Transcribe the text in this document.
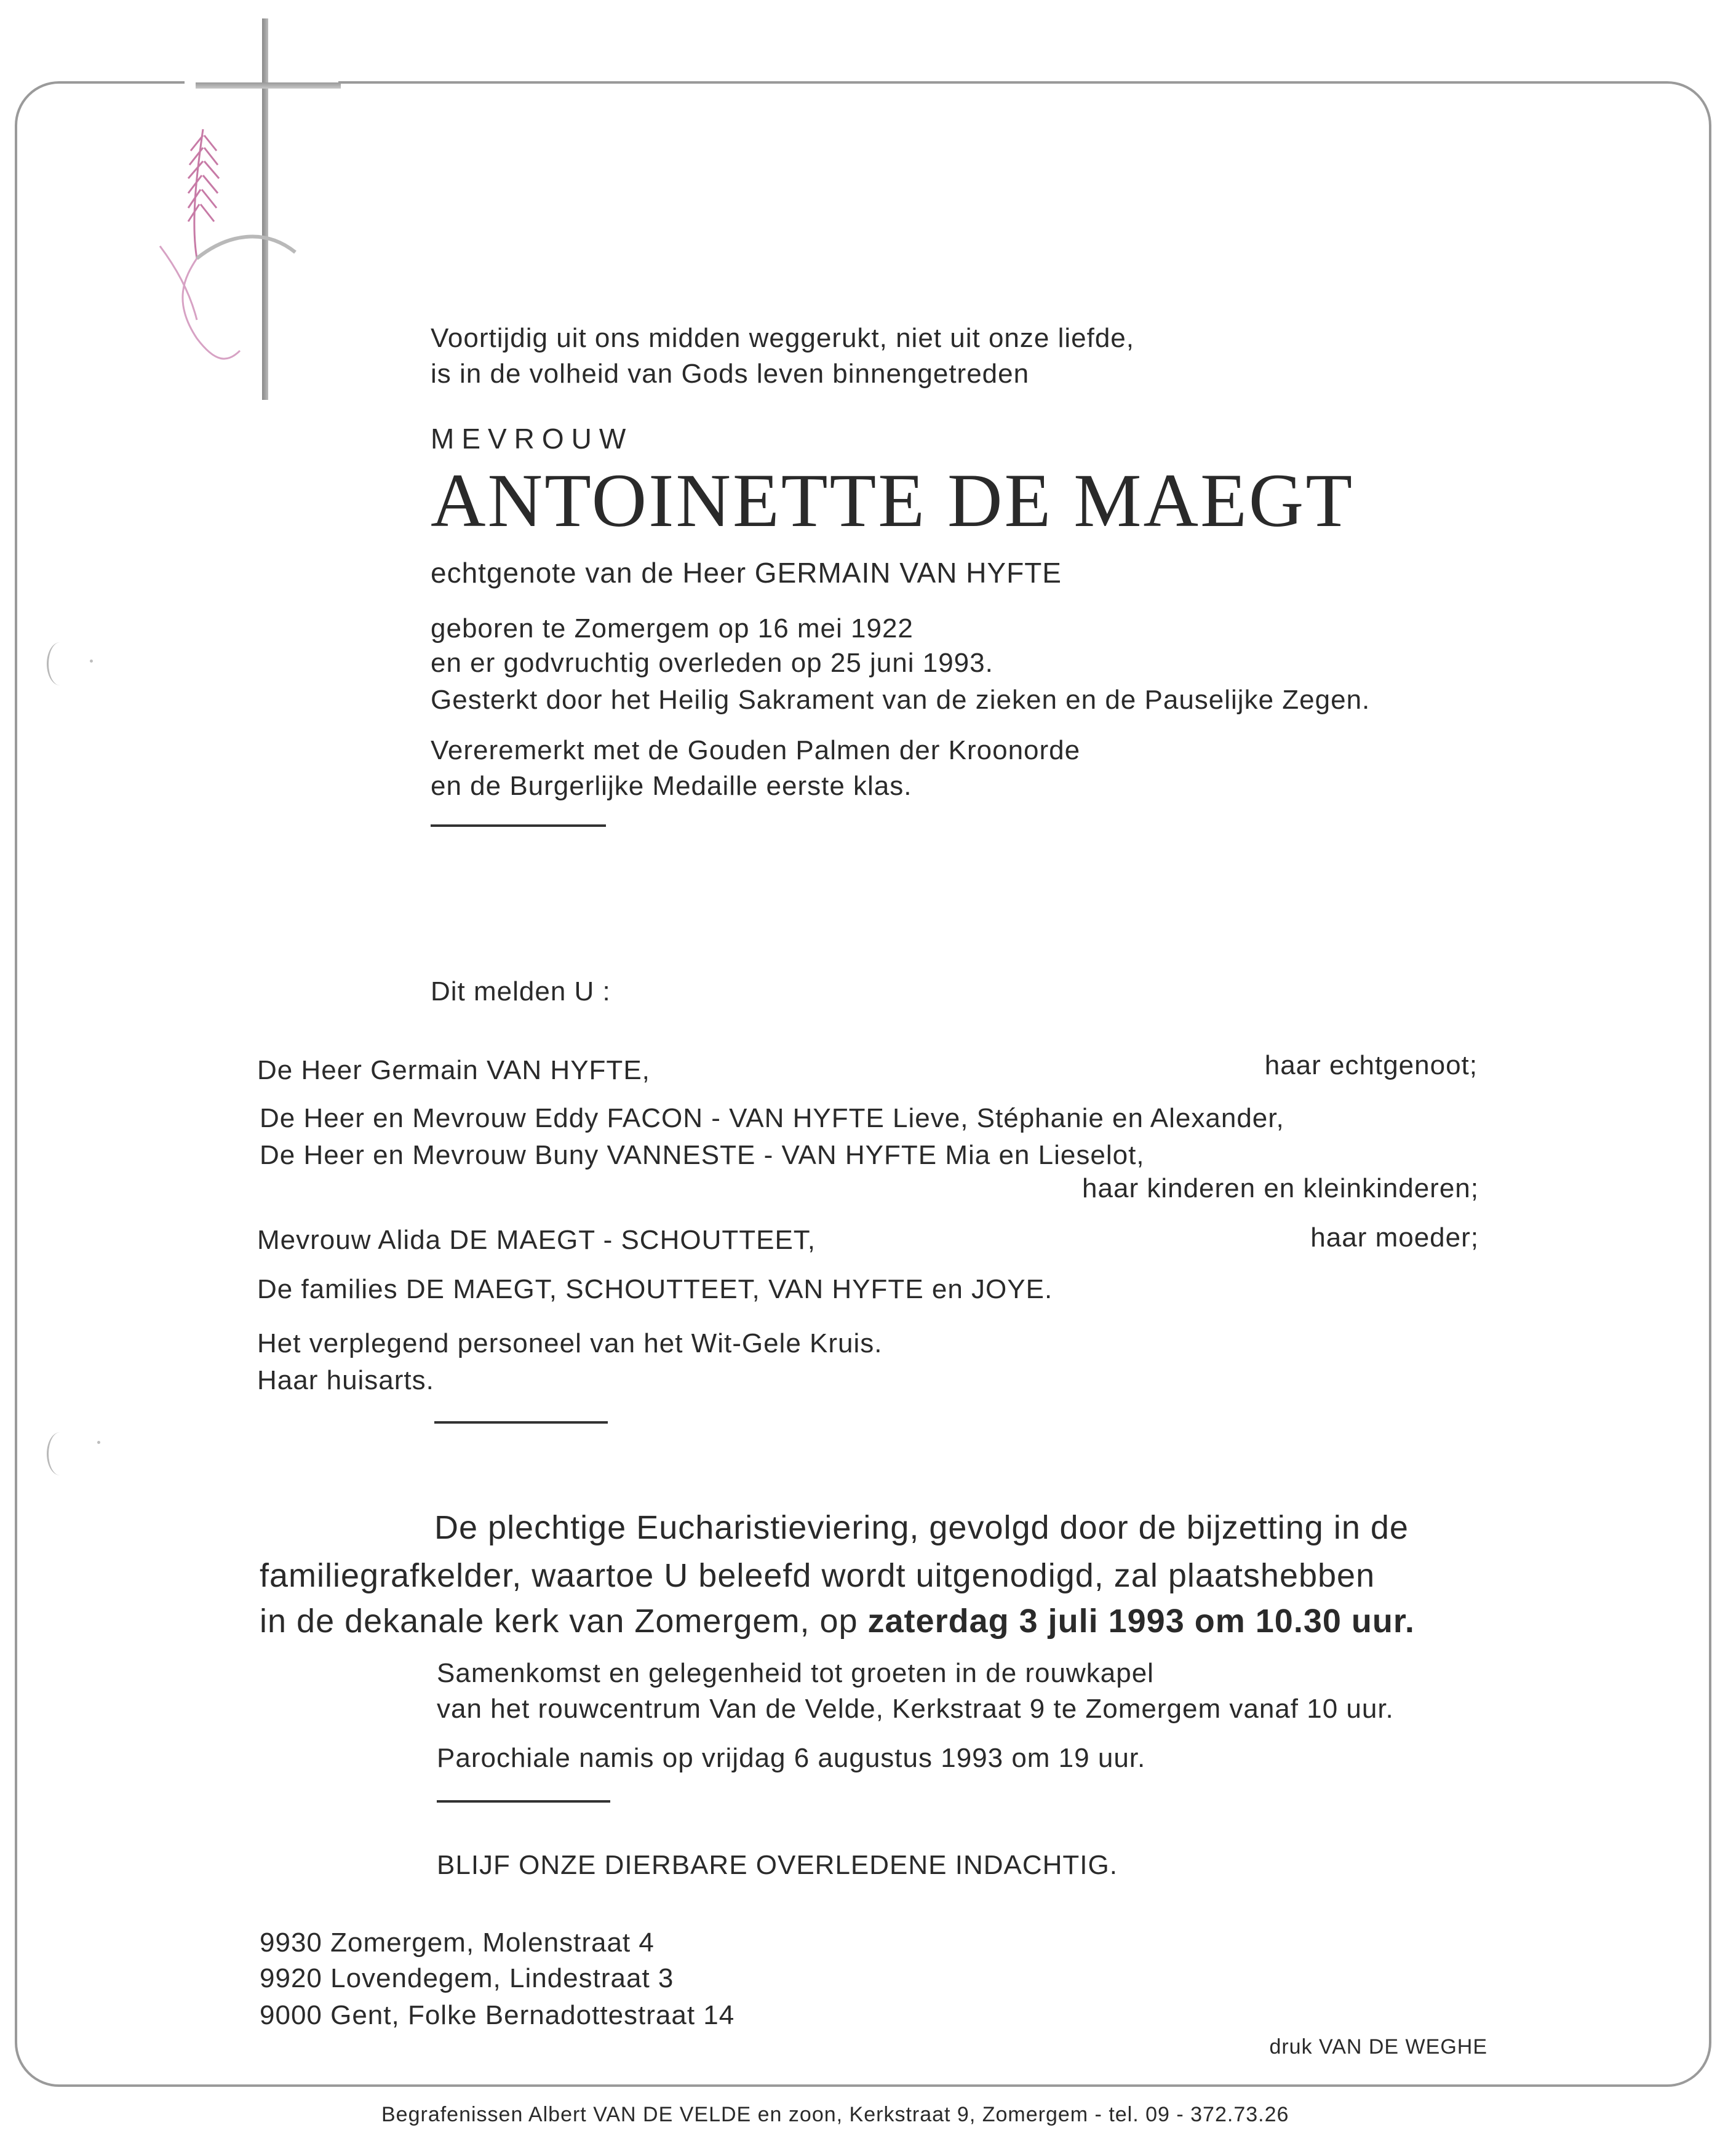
Voortijdig uit ons midden weggerukt, niet uit onze liefde,
is in de volheid van Gods leven binnengetreden
MEVROUW
ANTOINETTE DE MAEGT
echtgenote van de Heer GERMAIN VAN HYFTE
geboren te Zomergem op 16 mei 1922
en er godvruchtig overleden op 25 juni 1993.
Gesterkt door het Heilig Sakrament van de zieken en de Pauselijke Zegen.
Vereremerkt met de Gouden Palmen der Kroonorde
en de Burgerlijke Medaille eerste klas.
Dit melden U :
De Heer Germain VAN HYFTE,	haar echtgenoot;
De Heer en Mevrouw Eddy FACON - VAN HYFTE Lieve, Stéphanie en Alexander,
De Heer en Mevrouw Buny VANNESTE - VAN HYFTE Mia en Lieselot,
haar kinderen en kleinkinderen;
Mevrouw Alida DE MAEGT - SCHOUTTEET,	haar moeder;
De families DE MAEGT, SCHOUTTEET, VAN HYFTE en JOYE.
Het verplegend personeel van het Wit-Gele Kruis.
Haar huisarts.
De plechtige Eucharistieviering, gevolgd door de bijzetting in de
familiegrafkelder, waartoe U beleefd wordt uitgenodigd, zal plaatshebben
in de dekanale kerk van Zomergem, op zaterdag 3 juli 1993 om 10.30 uur.
Samenkomst en gelegenheid tot groeten in de rouwkapel
van het rouwcentrum Van de Velde, Kerkstraat 9 te Zomergem vanaf 10 uur.
Parochiale namis op vrijdag 6 augustus 1993 om 19 uur.
BLIJF ONZE DIERBARE OVERLEDENE INDACHTIG.
9930 Zomergem, Molenstraat 4
9920 Lovendegem, Lindestraat 3
9000 Gent, Folke Bernadottestraat 14
druk VAN DE WEGHE
Begrafenissen Albert VAN DE VELDE en zoon, Kerkstraat 9, Zomergem - tel. 09 - 372.73.26
